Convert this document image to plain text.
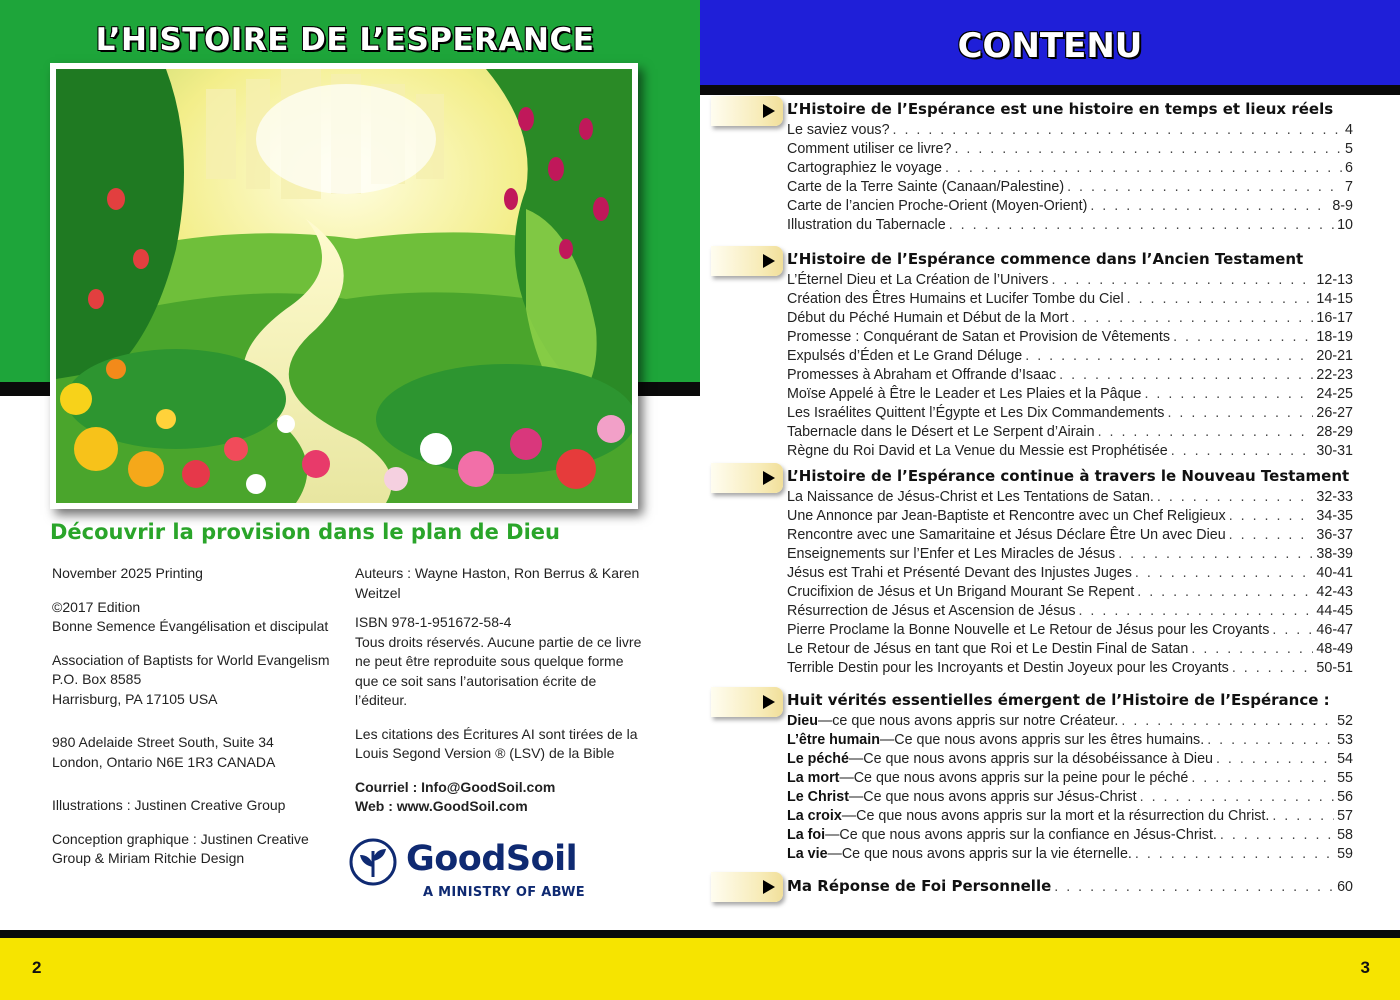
L’HISTOIRE DE L’ESPERANCE	CONTENU
Découvrir la provision dans le plan de Dieu

November 2025 Printing

©2017 Edition
Bonne Semence Évangélisation et discipulat

Association of Baptists for World Evangelism
P.O. Box 8585
Harrisburg, PA 17105 USA

980 Adelaide Street South, Suite 34
London, Ontario N6E 1R3 CANADA

Illustrations : Justinen Creative Group

Conception graphique : Justinen Creative Group & Miriam Ritchie Design

Auteurs : Wayne Haston, Ron Berrus & Karen Weitzel

ISBN 978-1-951672-58-4
Tous droits réservés. Aucune partie de ce livre ne peut être reproduite sous quelque forme que ce soit sans l’autorisation écrite de l’éditeur.

Les citations des Écritures AI sont tirées de la Louis Segond Version ® (LSV) de la Bible

Courriel : Info@GoodSoil.com
Web : www.GoodSoil.com

GoodSoil
A MINISTRY OF ABWE
2	3
L’Histoire de l’Espérance est une histoire en temps et lieux réels
Le saviez vous? . . .	4
Comment utiliser ce livre? . . .	5
Cartographiez le voyage . . .	6
Carte de la Terre Sainte (Canaan/Palestine) . . .	7
Carte de l’ancien Proche-Orient (Moyen-Orient) . . .	8-9
Illustration du Tabernacle . . .	10
L’Histoire de l’Espérance commence dans l’Ancien Testament
L’Éternel Dieu et La Création de l’Univers . . .	12-13
Création des Êtres Humains et Lucifer Tombe du Ciel . . .	14-15
Début du Péché Humain et Début de la Mort . . .	16-17
Promesse : Conquérant de Satan et Provision de Vêtements . . .	18-19
Expulsés d’Éden et Le Grand Déluge . . .	20-21
Promesses à Abraham et Offrande d’Isaac . . .	22-23
Moïse Appelé à Être le Leader et Les Plaies et la Pâque . . .	24-25
Les Israélites Quittent l’Égypte et Les Dix Commandements . . .	26-27
Tabernacle dans le Désert et Le Serpent d’Airain . . .	28-29
Règne du Roi David et La Venue du Messie est Prophétisée . . .	30-31
L’Histoire de l’Espérance continue à travers le Nouveau Testament
La Naissance de Jésus-Christ et Les Tentations de Satan. . . .	32-33
Une Annonce par Jean-Baptiste et Rencontre avec un Chef Religieux . . .	34-35
Rencontre avec une Samaritaine et Jésus Déclare Être Un avec Dieu . . .	36-37
Enseignements sur l’Enfer et Les Miracles de Jésus . . .	38-39
Jésus est Trahi et Présenté Devant des Injustes Juges . . .	40-41
Crucifixion de Jésus et Un Brigand Mourant Se Repent . . .	42-43
Résurrection de Jésus et Ascension de Jésus . . .	44-45
Pierre Proclame la Bonne Nouvelle et Le Retour de Jésus pour les Croyants . . .	46-47
Le Retour de Jésus en tant que Roi et Le Destin Final de Satan . . .	48-49
Terrible Destin pour les Incroyants et Destin Joyeux pour les Croyants . . .	50-51
Huit vérités essentielles émergent de l’Histoire de l’Espérance :
Dieu—ce que nous avons appris sur notre Créateur. . . .	52
L’être humain—Ce que nous avons appris sur les êtres humains. . . .	53
Le péché—Ce que nous avons appris sur la désobéissance à Dieu . . .	54
La mort—Ce que nous avons appris sur la peine pour le péché . . .	55
Le Christ—Ce que nous avons appris sur Jésus-Christ . . .	56
La croix—Ce que nous avons appris sur la mort et la résurrection du Christ. . . .	57
La foi—Ce que nous avons appris sur la confiance en Jésus-Christ. . . .	58
La vie—Ce que nous avons appris sur la vie éternelle. . . .	59
Ma Réponse de Foi Personnelle . . .	60
